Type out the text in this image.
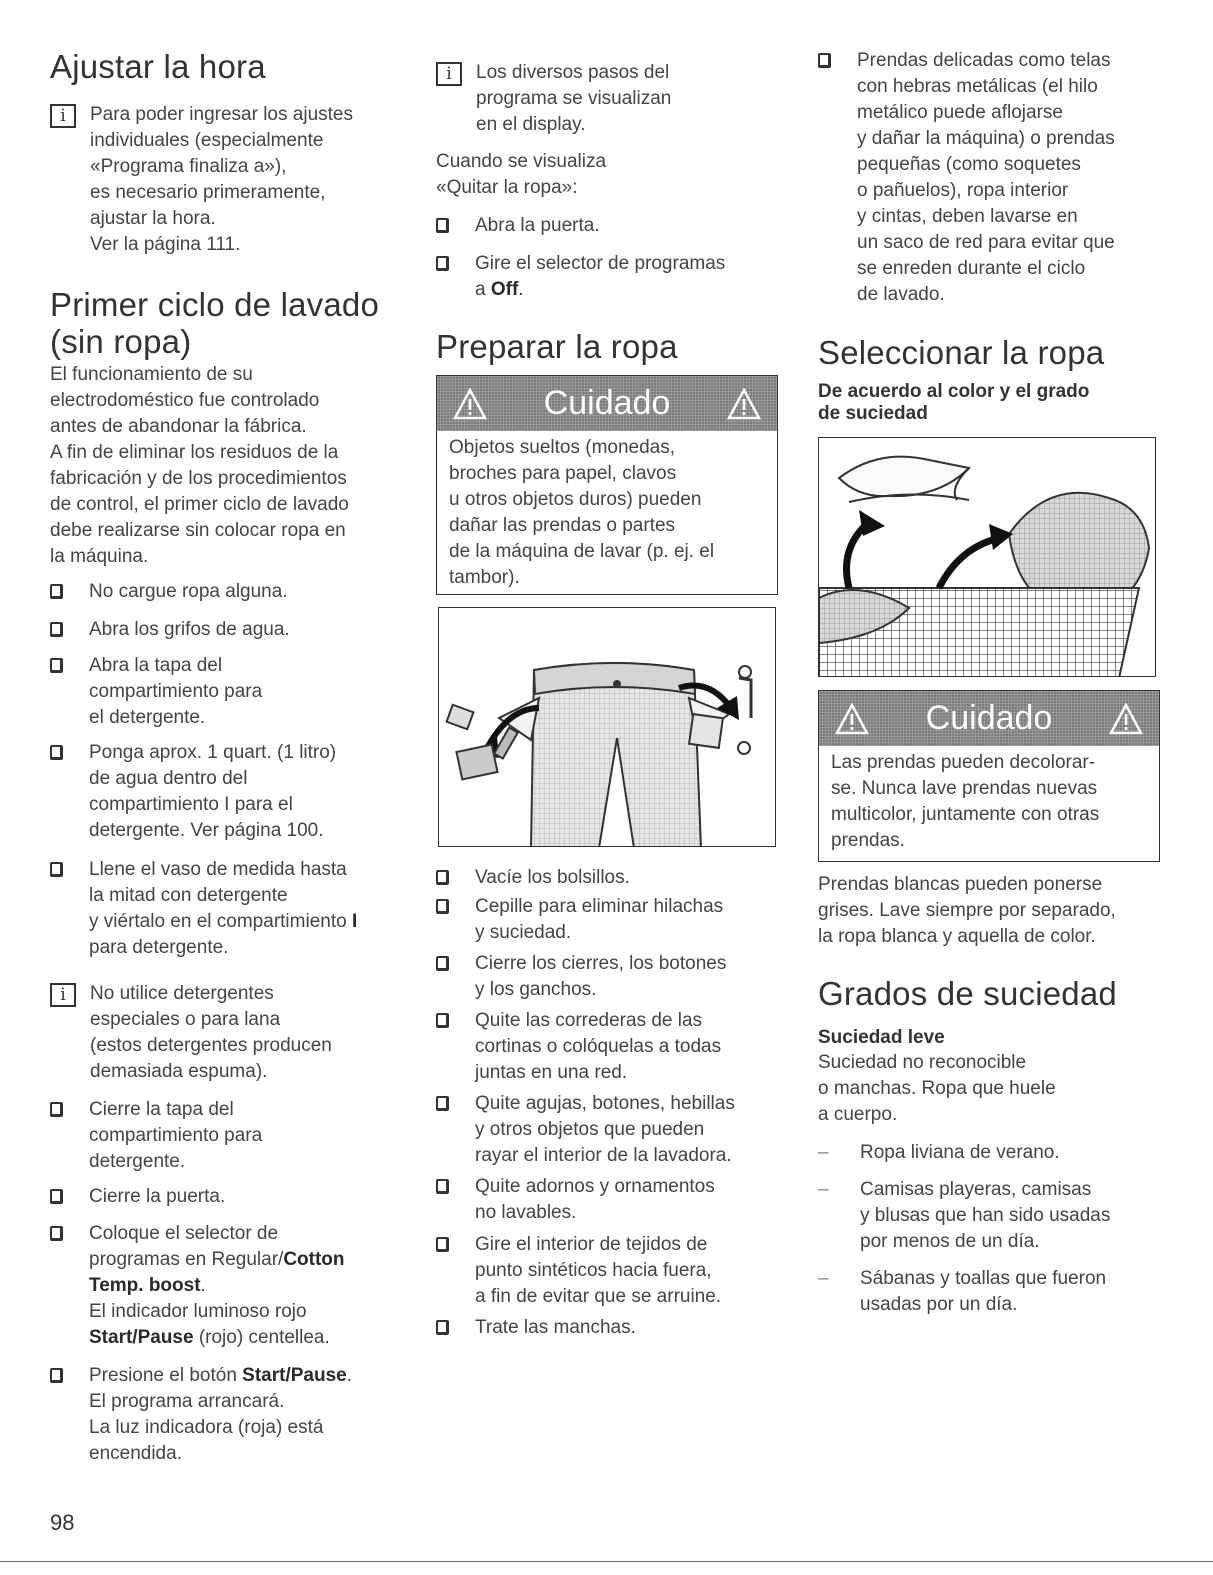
Ajustar la hora
i	Para poder ingresar los ajustes
individuales (especialmente
«Programa finaliza a»),
es necesario primeramente,
ajustar la hora.
Ver la página 111.
Primer ciclo de lavado
(sin ropa)
El funcionamiento de su
electrodoméstico fue controlado
antes de abandonar la fábrica.
A fin de eliminar los residuos de la
fabricación y de los procedimientos
de control, el primer ciclo de lavado
debe realizarse sin colocar ropa en
la máquina.
No cargue ropa alguna.
Abra los grifos de agua.
Abra la tapa del
compartimiento para
el detergente.
Ponga aprox. 1 quart. (1 litro)
de agua dentro del
compartimiento I para el
detergente. Ver página 100.
Llene el vaso de medida hasta
la mitad con detergente
y viértalo en el compartimiento I
para detergente.
i	No utilice detergentes
especiales o para lana
(estos detergentes producen
demasiada espuma).
Cierre la tapa del
compartimiento para
detergente.
Cierre la puerta.
Coloque el selector de
programas en Regular/Cotton
Temp. boost.
El indicador luminoso rojo
Start/Pause (rojo) centellea.
Presione el botón Start/Pause.
El programa arrancará.
La luz indicadora (roja) está
encendida.
i	Los diversos pasos del
programa se visualizan
en el display.
Cuando se visualiza
«Quitar la ropa»:
Abra la puerta.
Gire el selector de programas
a Off.
Preparar la ropa
Cuidado
Objetos sueltos (monedas,
broches para papel, clavos
u otros objetos duros) pueden
dañar las prendas o partes
de la máquina de lavar (p. ej. el
tambor).
Vacíe los bolsillos.
Cepille para eliminar hilachas
y suciedad.
Cierre los cierres, los botones
y los ganchos.
Quite las correderas de las
cortinas o colóquelas a todas
juntas en una red.
Quite agujas, botones, hebillas
y otros objetos que pueden
rayar el interior de la lavadora.
Quite adornos y ornamentos
no lavables.
Gire el interior de tejidos de
punto sintéticos hacia fuera,
a fin de evitar que se arruine.
Trate las manchas.
Prendas delicadas como telas
con hebras metálicas (el hilo
metálico puede aflojarse
y dañar la máquina) o prendas
pequeñas (como soquetes
o pañuelos), ropa interior
y cintas, deben lavarse en
un saco de red para evitar que
se enreden durante el ciclo
de lavado.
Seleccionar la ropa
De acuerdo al color y el grado
de suciedad
Cuidado
Las prendas pueden decolorar-
se. Nunca lave prendas nuevas
multicolor, juntamente con otras
prendas.
Prendas blancas pueden ponerse
grises. Lave siempre por separado,
la ropa blanca y aquella de color.
Grados de suciedad
Suciedad leve
Suciedad no reconocible
o manchas. Ropa que huele
a cuerpo.
– Ropa liviana de verano.
– Camisas playeras, camisas
y blusas que han sido usadas
por menos de un día.
– Sábanas y toallas que fueron
usadas por un día.
98
